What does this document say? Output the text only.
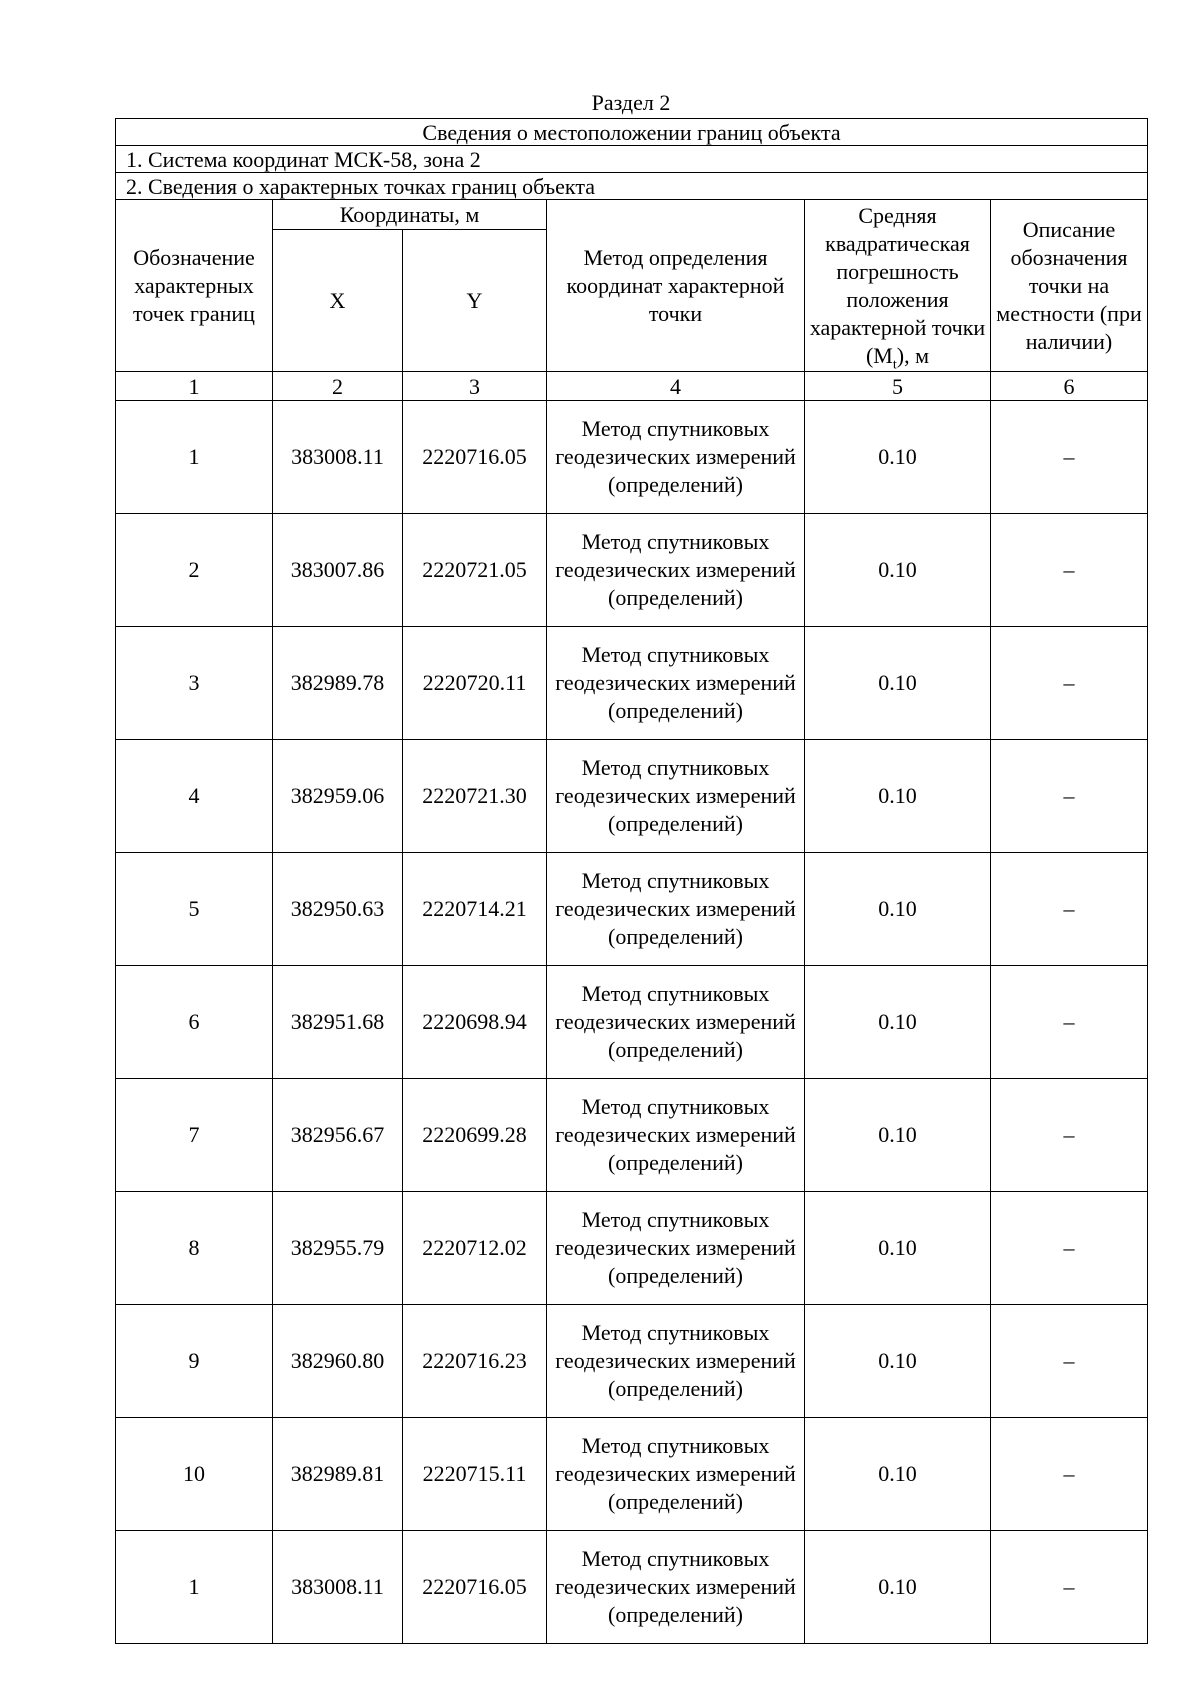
Раздел 2
Сведения о местоположении границ объекта					
1. Система координат МСК-58, зона 2					
2. Сведения о характерных точках границ объекта					
Обозначение характерных точек границ	Координаты, м		Метод определения координат характерной точки	Средняя квадратическая погрешность положения характерной точки $(M_t)$, м	Описание обозначения точки на местности (при наличии)
	X	Y			
1	2	3	4	5	6
1	383008.11	2220716.05	Метод спутниковых геодезических измерений (определений)	0.10	–
2	383007.86	2220721.05	Метод спутниковых геодезических измерений (определений)	0.10	–
3	382989.78	2220720.11	Метод спутниковых геодезических измерений (определений)	0.10	–
4	382959.06	2220721.30	Метод спутниковых геодезических измерений (определений)	0.10	–
5	382950.63	2220714.21	Метод спутниковых геодезических измерений (определений)	0.10	–
6	382951.68	2220698.94	Метод спутниковых геодезических измерений (определений)	0.10	–
7	382956.67	2220699.28	Метод спутниковых геодезических измерений (определений)	0.10	–
8	382955.79	2220712.02	Метод спутниковых геодезических измерений (определений)	0.10	–
9	382960.80	2220716.23	Метод спутниковых геодезических измерений (определений)	0.10	–
10	382989.81	2220715.11	Метод спутниковых геодезических измерений (определений)	0.10	–
1	383008.11	2220716.05	Метод спутниковых геодезических измерений (определений)	0.10	–
